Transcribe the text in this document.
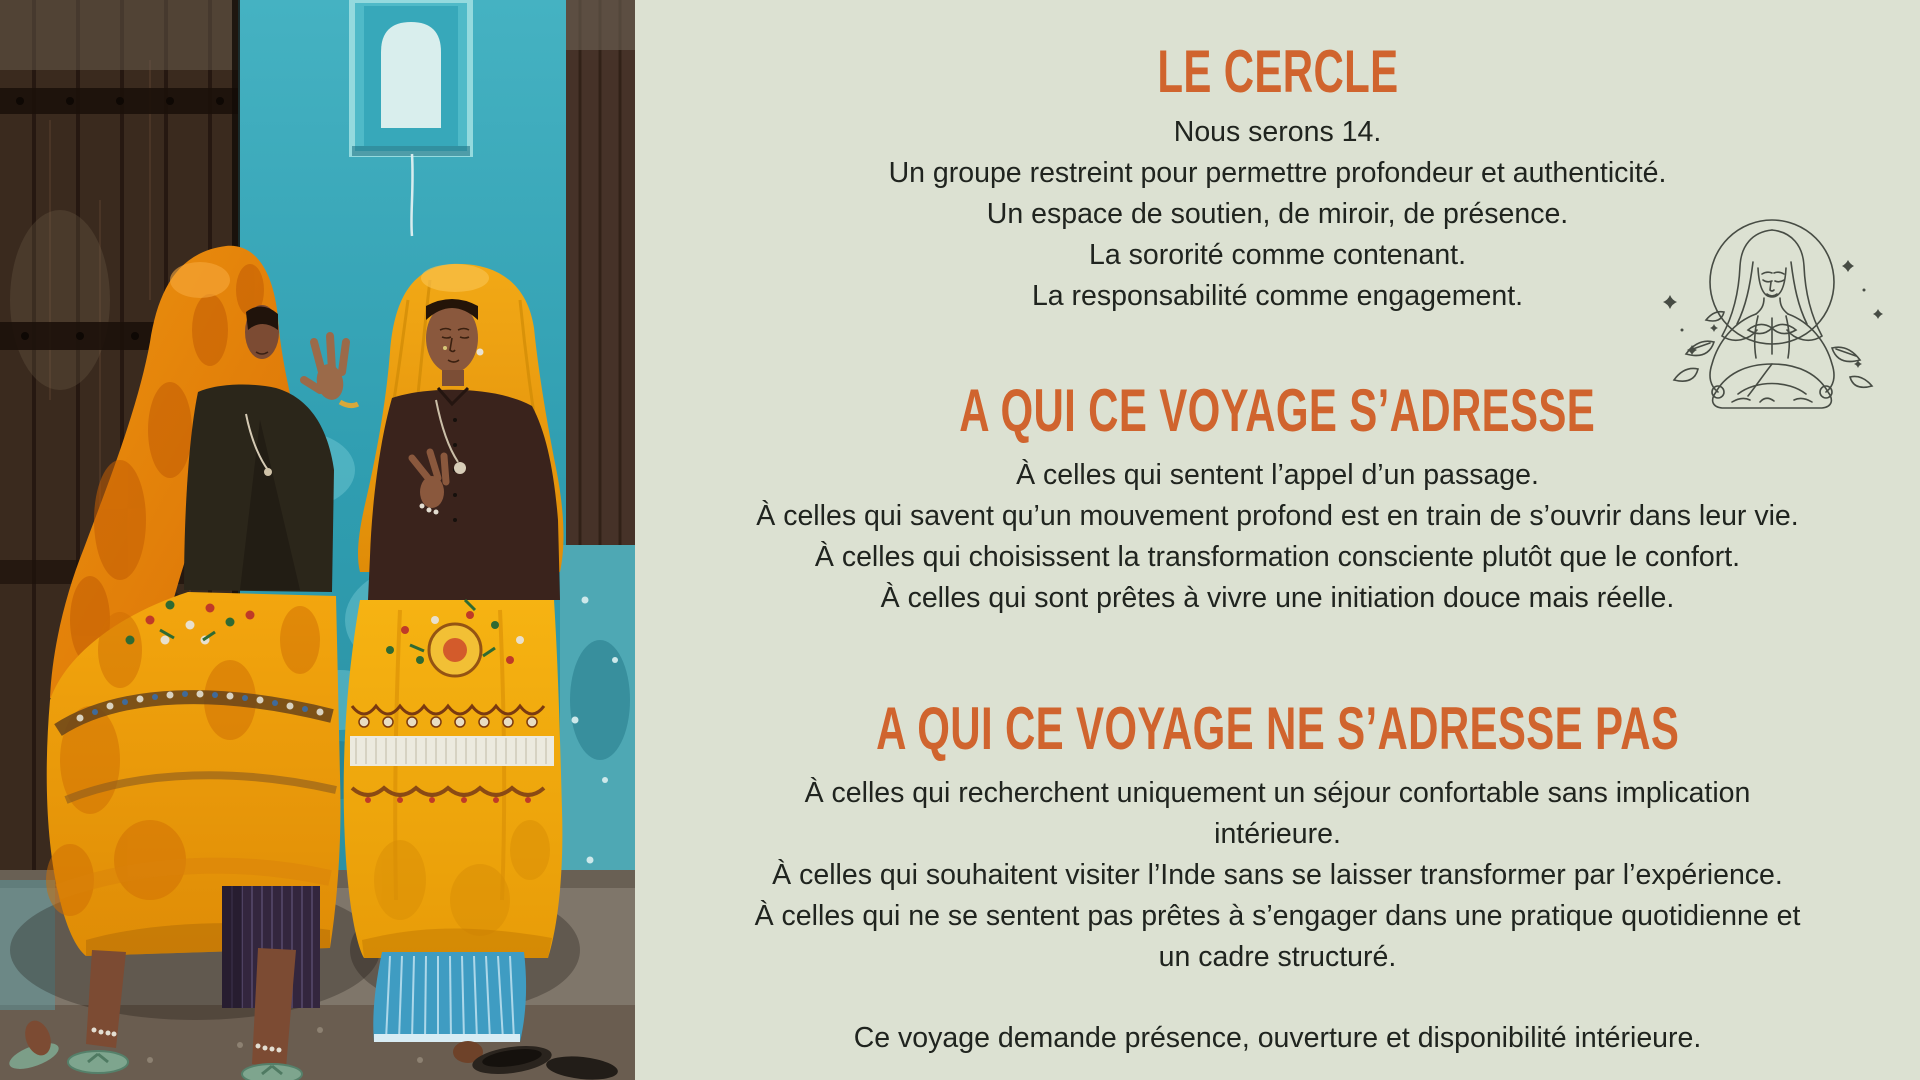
LE CERCLE
Nous serons 14.
Un groupe restreint pour permettre profondeur et authenticité.
Un espace de soutien, de miroir, de présence.
La sororité comme contenant.
La responsabilité comme engagement.
A QUI CE VOYAGE S’ADRESSE
À celles qui sentent l’appel d’un passage.
À celles qui savent qu’un mouvement profond est en train de s’ouvrir dans leur vie.
À celles qui choisissent la transformation consciente plutôt que le confort.
À celles qui sont prêtes à vivre une initiation douce mais réelle.
A QUI CE VOYAGE NE S’ADRESSE PAS
À celles qui recherchent uniquement un séjour confortable sans implication
intérieure.
À celles qui souhaitent visiter l’Inde sans se laisser transformer par l’expérience.
À celles qui ne se sentent pas prêtes à s’engager dans une pratique quotidienne et
un cadre structuré.
Ce voyage demande présence, ouverture et disponibilité intérieure.
